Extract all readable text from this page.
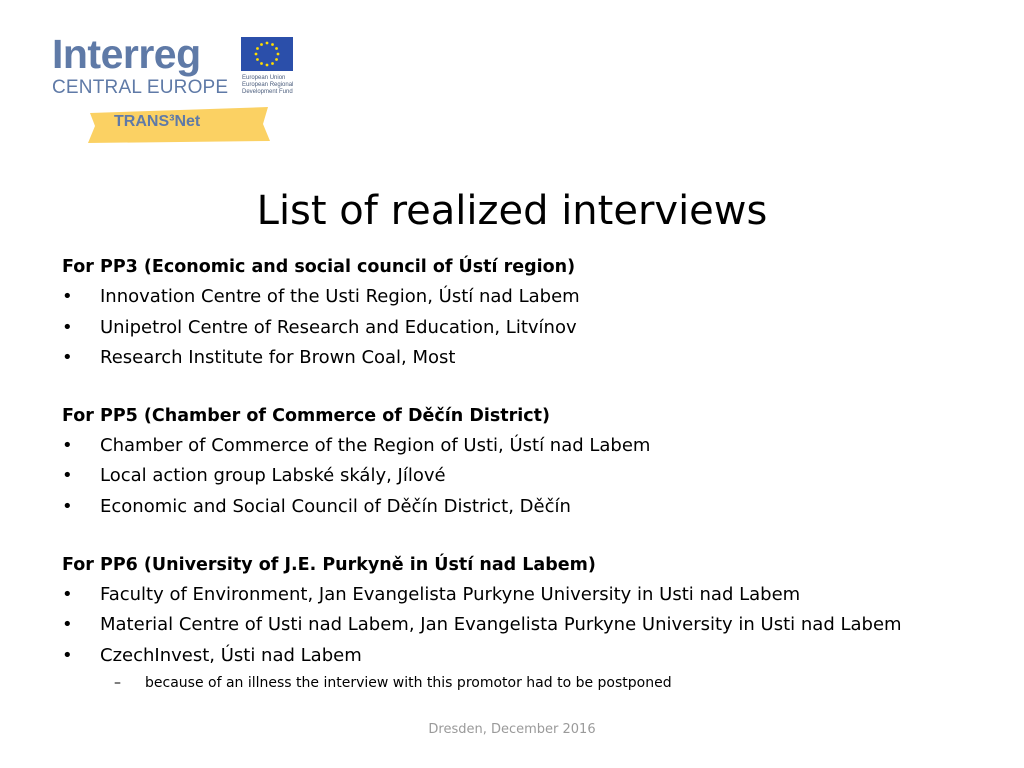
Interreg
CENTRAL EUROPE European Union
European Regional
Development Fund
TRANS³Net
List of realized interviews
For PP3 (Economic and social council of Ústí region)
• Innovation Centre of the Usti Region, Ústí nad Labem
• Unipetrol Centre of Research and Education, Litvínov
• Research Institute for Brown Coal, Most
For PP5 (Chamber of Commerce of Děčín District)
• Chamber of Commerce of the Region of Usti, Ústí nad Labem
• Local action group Labské skály, Jílové
• Economic and Social Council of Děčín District, Děčín
For PP6 (University of J.E. Purkyně in Ústí nad Labem)
• Faculty of Environment, Jan Evangelista Purkyne University in Usti nad Labem
• Material Centre of Usti nad Labem, Jan Evangelista Purkyne University in Usti nad Labem
• CzechInvest, Ústi nad Labem
– because of an illness the interview with this promotor had to be postponed
Dresden, December 2016
